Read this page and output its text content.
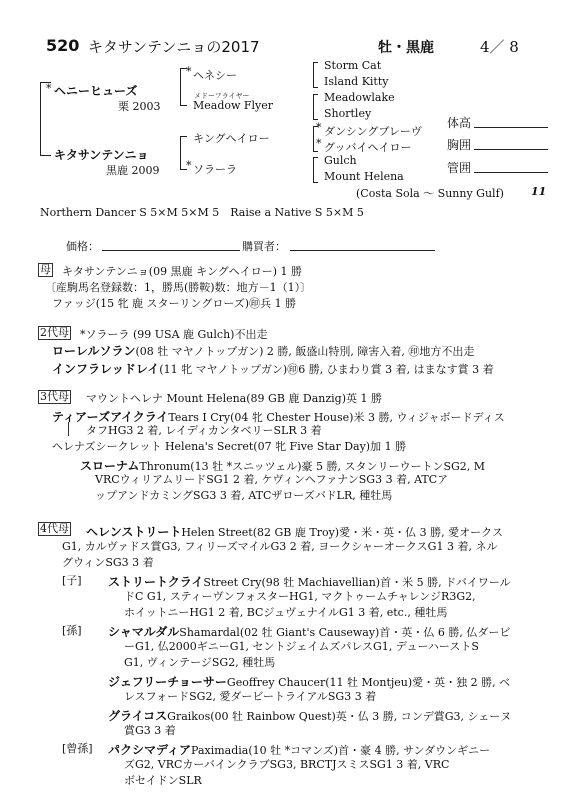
520 キタサンテンニョの2017	牡・黒鹿	4／ 8
* ヘニーヒューズ
栗 2003
キタサンテンニョ
黒鹿 2009
* ヘネシー
メドーフライヤー
Meadow Flyer
キングヘイロー
* ソラーラ
Storm Cat
Island Kitty
Meadowlake
Shortley
* ダンシングブレーヴ
* グッバイヘイロー
Gulch
Mount Helena
(Costa Sola ～ Sunny Gulf) 11
体高
胸囲
管囲
Northern Dancer S 5×M 5×M 5　Raise a Native S 5×M 5
価格：	購買者：
母 キタサンテンニョ(09 黒鹿 キングヘイロー) 1 勝
〔産駒馬名登録数：1，勝馬(勝鞍)数：地方－1（1）〕
ファッジ(15 牝 鹿 スターリングローズ)㊞兵 1 勝
2代母 *ソラーラ (99 USA 鹿 Gulch)不出走
ローレルソラン(08 牡 マヤノトップガン) 2 勝, 飯盛山特別, 障害入着, ㊞地方不出走
インフラレッドレイ(11 牝 マヤノトップガン)㊞6 勝, ひまわり賞 3 着, はまなす賞 3 着
3代母 マウントヘレナ Mount Helena(89 GB 鹿 Danzig)英 1 勝
ティアーズアイクライTears I Cry(04 牝 Chester House)米 3 勝, ウィジャボードディス
タフHG3 2 着, レイディカンタベリーSLR 3 着
ヘレナズシークレット Helena's Secret(07 牝 Five Star Day)加 1 勝
スローナムThronum(13 牡 *スニッツェル)豪 5 勝, スタンリーウートンSG2, M
VRCウィリアムリードSG1 2 着, ケヴィンヘファナンSG3 3 着, ATCア
ップアンドカミングSG3 3 着, ATCザローズバドLR, 種牡馬
4代母 ヘレンストリートHelen Street(82 GB 鹿 Troy)愛・米・英・仏 3 勝, 愛オークス
G1, カルヴァドス賞G3, フィリーズマイルG3 2 着, ヨークシャーオークスG1 3 着, ネル
グウィンSG3 3 着
[子] ストリートクライStreet Cry(98 牡 Machiavellian)首・米 5 勝, ドバイワール
ドC G1, スティーヴンフォスターHG1, マクトゥームチャレンジR3G2,
ホイットニーHG1 2 着, BCジュヴェナイルG1 3 着, etc., 種牡馬
[孫] シャマルダルShamardal(02 牡 Giant's Causeway)首・英・仏 6 勝, 仏ダービ
ーG1, 仏2000ギニーG1, セントジェイムズパレスG1, デューハーストS
G1, ヴィンテージSG2, 種牡馬
ジェフリーチョーサーGeoffrey Chaucer(11 牡 Montjeu)愛・英・独 2 勝, ベ
レスフォードSG2, 愛ダービートライアルSG3 3 着
グライコスGraikos(00 牡 Rainbow Quest)英・仏 3 勝, コンデ賞G3, シェーヌ
賞G3 3 着
[曾孫] パクシマディアPaximadia(10 牡 *コマンズ)首・豪 4 勝, サンダウンギニー
ズG2, VRCカーバインクラブSG3, BRCTJスミスSG1 3 着, VRC
ボセイドンSLR
